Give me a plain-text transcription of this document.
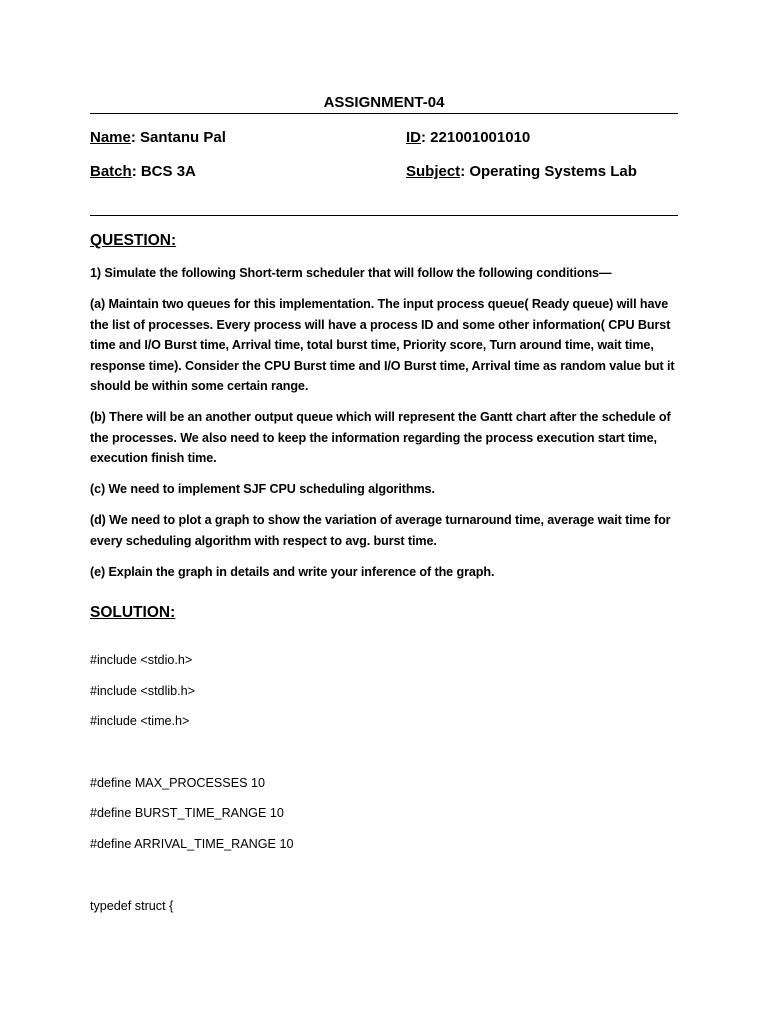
ASSIGNMENT-04
Name: Santanu Pal	ID: 221001001010
Batch: BCS 3A	Subject: Operating Systems Lab
QUESTION:
1) Simulate the following Short-term scheduler that will follow the following conditions—
(a) Maintain two queues for this implementation. The input process queue( Ready queue) will have the list of processes. Every process will have a process ID and some other information( CPU Burst time and I/O Burst time, Arrival time, total burst time, Priority score, Turn around time, wait time, response time). Consider the CPU Burst time and I/O Burst time, Arrival time as random value but it should be within some certain range.
(b) There will be an another output queue which will represent the Gantt chart after the schedule of the processes. We also need to keep the information regarding the process execution start time, execution finish time.
(c) We need to implement SJF CPU scheduling algorithms.
(d) We need to plot a graph to show the variation of average turnaround time, average wait time for every scheduling algorithm with respect to avg. burst time.
(e) Explain the graph in details and write your inference of the graph.
SOLUTION:
#include <stdio.h>
#include <stdlib.h>
#include <time.h>
#define MAX_PROCESSES 10
#define BURST_TIME_RANGE 10
#define ARRIVAL_TIME_RANGE 10
typedef struct {
